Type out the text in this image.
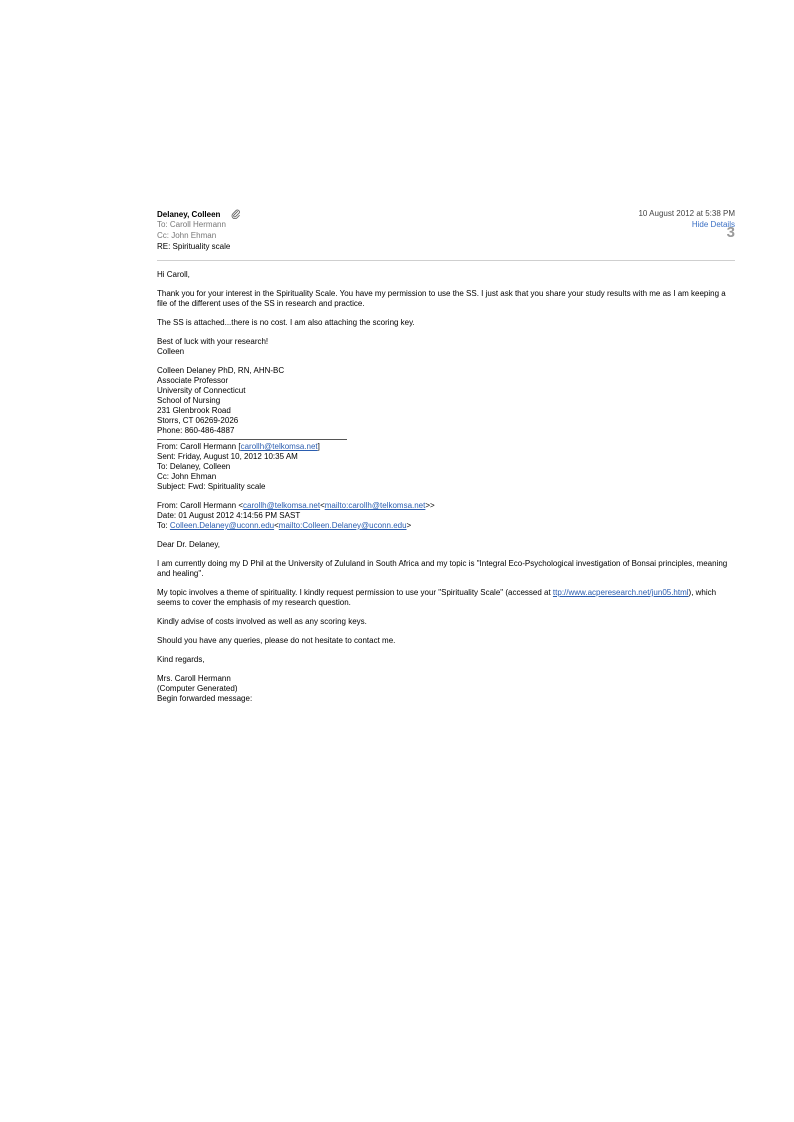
Delaney, Colleen	10 August 2012 at 5:38 PM
To: Caroll Hermann	Hide Details
Cc: John Ehman	3
RE: Spirituality scale

Hi Caroll,

Thank you for your interest in the Spirituality Scale. You have my permission to use the SS. I just ask that you share your study results with me as I am keeping a file of the different uses of the SS in research and practice.

The SS is attached...there is no cost. I am also attaching the scoring key.

Best of luck with your research!
Colleen

Colleen Delaney PhD, RN, AHN-BC

Associate Professor

University of Connecticut

School of Nursing

231 Glenbrook Road

Storrs, CT 06269-2026

Phone: 860-486-4887

From: Caroll Hermann [carollh@telkomsa.net]
Sent: Friday, August 10, 2012 10:35 AM
To: Delaney, Colleen
Cc: John Ehman
Subject: Fwd: Spirituality scale

From: Caroll Hermann <carollh@telkomsa.net<mailto:carollh@telkomsa.net>>
Date: 01 August 2012 4:14:56 PM SAST
To: Colleen.Delaney@uconn.edu<mailto:Colleen.Delaney@uconn.edu>

Dear Dr. Delaney,

I am currently doing my D Phil at the University of Zululand in South Africa and my topic is "Integral Eco-Psychological investigation of Bonsai principles, meaning and healing".

My topic involves a theme of spirituality. I kindly request permission to use your "Spirituality Scale" (accessed at ttp://www.acperesearch.net/jun05.html), which seems to cover the emphasis of my research question.

Kindly advise of costs involved as well as any scoring keys.

Should you have any queries, please do not hesitate to contact me.

Kind regards,

Mrs. Caroll Hermann
(Computer Generated)
Begin forwarded message:
